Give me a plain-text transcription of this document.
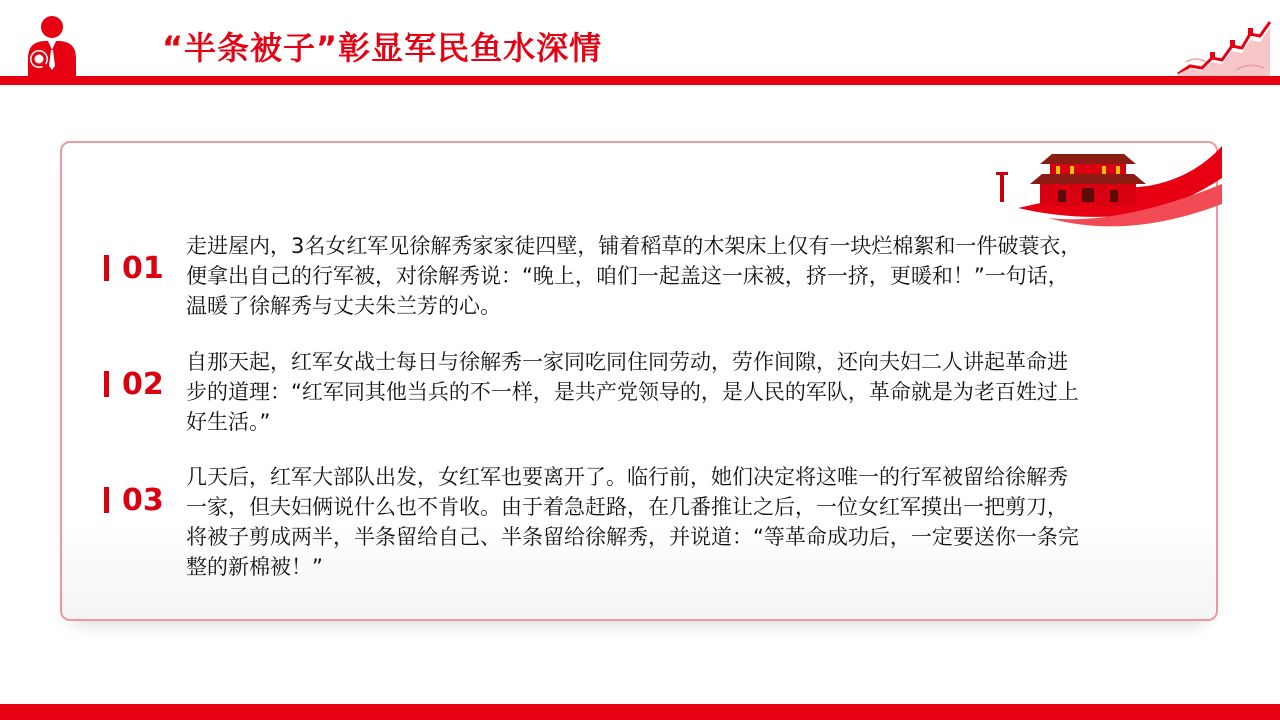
“半条被子”彰显军民鱼水深情

01

走进屋内，3名女红军见徐解秀家家徒四壁，铺着稻草的木架床上仅有一块烂棉絮和一件破蓑衣，便拿出自己的行军被，对徐解秀说：“晚上，咱们一起盖这一床被，挤一挤，更暖和！”一句话，温暖了徐解秀与丈夫朱兰芳的心。

02

自那天起，红军女战士每日与徐解秀一家同吃同住同劳动，劳作间隙，还向夫妇二人讲起革命进步的道理：“红军同其他当兵的不一样，是共产党领导的，是人民的军队，革命就是为老百姓过上好生活。”

03

几天后，红军大部队出发，女红军也要离开了。临行前，她们决定将这唯一的行军被留给徐解秀一家，但夫妇俩说什么也不肯收。由于着急赶路，在几番推让之后，一位女红军摸出一把剪刀，将被子剪成两半，半条留给自己、半条留给徐解秀，并说道：“等革命成功后，一定要送你一条完整的新棉被！”
